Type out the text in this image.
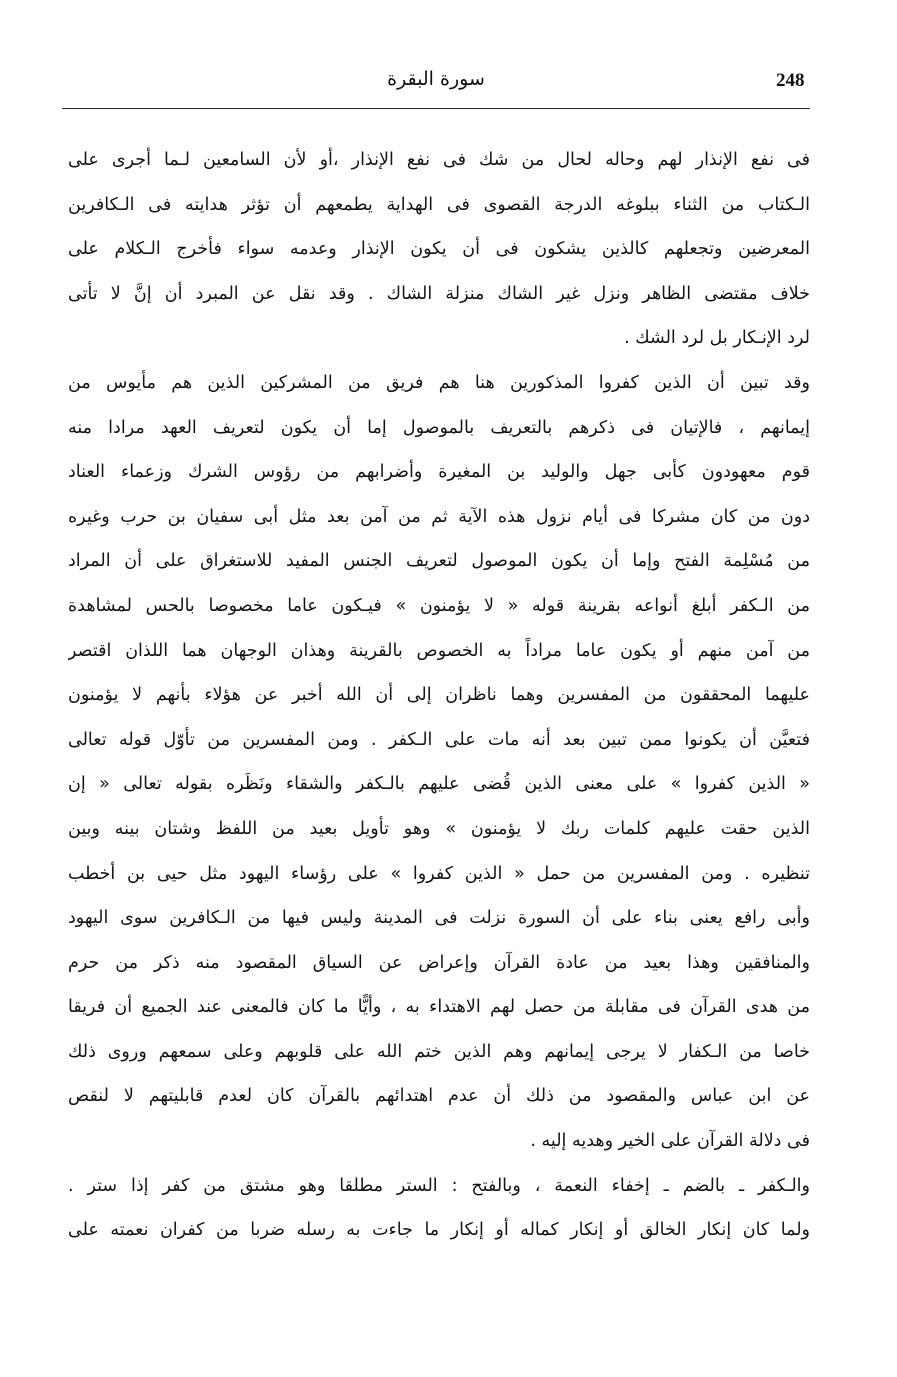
248
سورة البقرة
فى نفع الإنذار لهم وحاله لحال من شك فى نفع الإنذار ،أو لأن السامعين لـما أجرى على
الـكتاب من الثناء ببلوغه الدرجة القصوى فى الهداية يطمعهم أن تؤثر هدايته فى الـكافرين
المعرضين وتجعلهم كالذين يشكون فى أن يكون الإنذار وعدمه سواء فأخرج الـكلام على
خلاف مقتضى الظاهر ونزل غير الشاك منزلة الشاك . وقد نقل عن المبرد أن إنَّ لا تأتى
لرد الإنـكار بل لرد الشك .
وقد تبين أن الذين كفروا المذكورين هنا هم فريق من المشركين الذين هم مأيوس من
إيمانهم ، فالإتيان فى ذكرهم بالتعريف بالموصول إما أن يكون لتعريف العهد مرادا منه
قوم معهودون كأبى جهل والوليد بن المغيرة وأضرابهم من رؤوس الشرك وزعماء العناد
دون من كان مشركا فى أيام نزول هذه الآية ثم من آمن بعد مثل أبى سفيان بن حرب وغيره
من مُسْلِمة الفتح وإما أن يكون الموصول لتعريف الجنس المفيد للاستغراق على أن المراد
من الـكفر أبلغ أنواعه بقرينة قوله « لا يؤمنون » فيـكون عاما مخصوصا بالحس لمشاهدة
من آمن منهم أو يكون عاما مراداً به الخصوص بالقرينة وهذان الوجهان هما اللذان اقتصر
عليهما المحققون من المفسرين وهما ناظران إلى أن الله أخبر عن هؤلاء بأنهم لا يؤمنون
فتعيَّن أن يكونوا ممن تبين بعد أنه مات على الـكفر . ومن المفسرين من تأوّل قوله تعالى
« الذين كفروا » على معنى الذين قُضى عليهم بالـكفر والشقاء ونَظَره بقوله تعالى « إن
الذين حقت عليهم كلمات ربك لا يؤمنون » وهو تأويل بعيد من اللفظ وشتان بينه وبين
تنظيره . ومن المفسرين من حمل « الذين كفروا » على رؤساء اليهود مثل حيى بن أخطب
وأبى رافع يعنى بناء على أن السورة نزلت فى المدينة وليس فيها من الـكافرين سوى اليهود
والمنافقين وهذا بعيد من عادة القرآن وإعراض عن السياق المقصود منه ذكر من حرم
من هدى القرآن فى مقابلة من حصل لهم الاهتداء به ، وأيًّا ما كان فالمعنى عند الجميع أن فريقا
خاصا من الـكفار لا يرجى إيمانهم وهم الذين ختم الله على قلوبهم وعلى سمعهم وروى ذلك
عن ابن عباس والمقصود من ذلك أن عدم اهتدائهم بالقرآن كان لعدم قابليتهم لا لنقص
فى دلالة القرآن على الخير وهديه إليه .
والـكفر ـ بالضم ـ إخفاء النعمة ، وبالفتح : الستر مطلقا وهو مشتق من كفر إذا ستر .
ولما كان إنكار الخالق أو إنكار كماله أو إنكار ما جاءت به رسله ضربا من كفران نعمته على
